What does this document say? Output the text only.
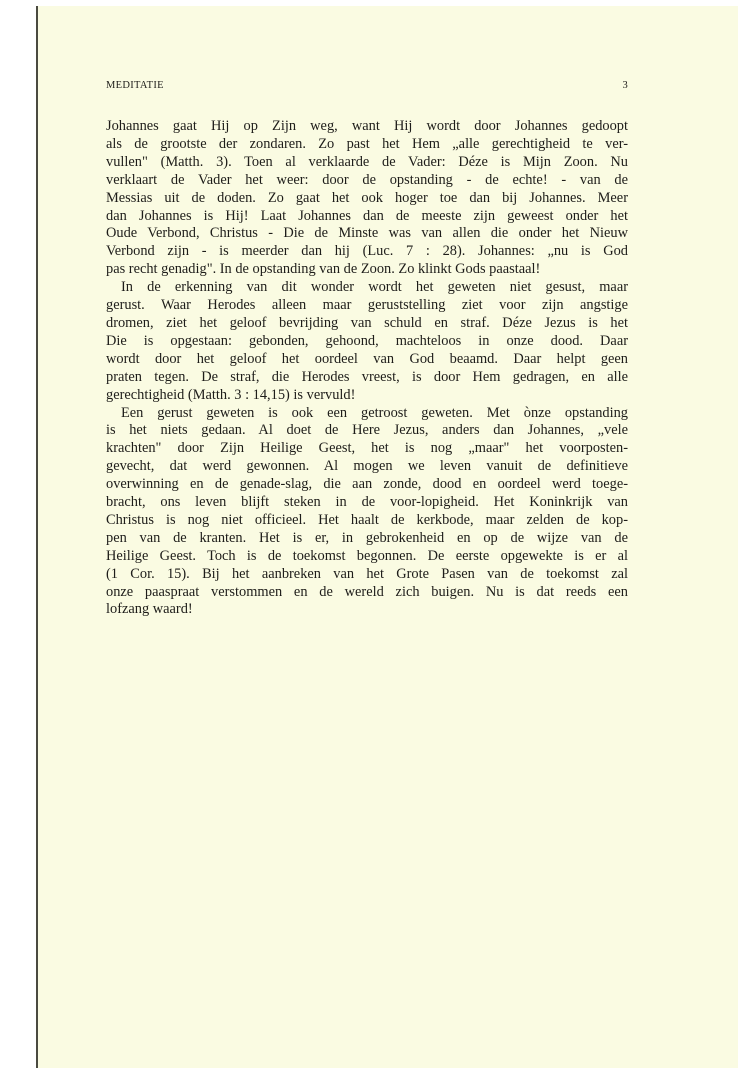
MEDITATIE	3
Johannes gaat Hij op Zijn weg, want Hij wordt door Johannes gedoopt
als de grootste der zondaren. Zo past het Hem „alle gerechtigheid te ver-
vullen" (Matth. 3). Toen al verklaarde de Vader: Déze is Mijn Zoon. Nu
verklaart de Vader het weer: door de opstanding - de echte! - van de
Messias uit de doden. Zo gaat het ook hoger toe dan bij Johannes. Meer
dan Johannes is Hij! Laat Johannes dan de meeste zijn geweest onder het
Oude Verbond, Christus - Die de Minste was van allen die onder het Nieuw
Verbond zijn - is meerder dan hij (Luc. 7 : 28). Johannes: „nu is God
pas recht genadig". In de opstanding van de Zoon. Zo klinkt Gods paastaal!
In de erkenning van dit wonder wordt het geweten niet gesust, maar
gerust. Waar Herodes alleen maar geruststelling ziet voor zijn angstige
dromen, ziet het geloof bevrijding van schuld en straf. Déze Jezus is het
Die is opgestaan: gebonden, gehoond, machteloos in onze dood. Daar
wordt door het geloof het oordeel van God beaamd. Daar helpt geen
praten tegen. De straf, die Herodes vreest, is door Hem gedragen, en alle
gerechtigheid (Matth. 3 : 14,15) is vervuld!
Een gerust geweten is ook een getroost geweten. Met ònze opstanding
is het niets gedaan. Al doet de Here Jezus, anders dan Johannes, „vele
krachten" door Zijn Heilige Geest, het is nog „maar" het voorposten-
gevecht, dat werd gewonnen. Al mogen we leven vanuit de definitieve
overwinning en de genade-slag, die aan zonde, dood en oordeel werd toege-
bracht, ons leven blijft steken in de voor-lopigheid. Het Koninkrijk van
Christus is nog niet officieel. Het haalt de kerkbode, maar zelden de kop-
pen van de kranten. Het is er, in gebrokenheid en op de wijze van de
Heilige Geest. Toch is de toekomst begonnen. De eerste opgewekte is er al
(1 Cor. 15). Bij het aanbreken van het Grote Pasen van de toekomst zal
onze paaspraat verstommen en de wereld zich buigen. Nu is dat reeds een
lofzang waard!
